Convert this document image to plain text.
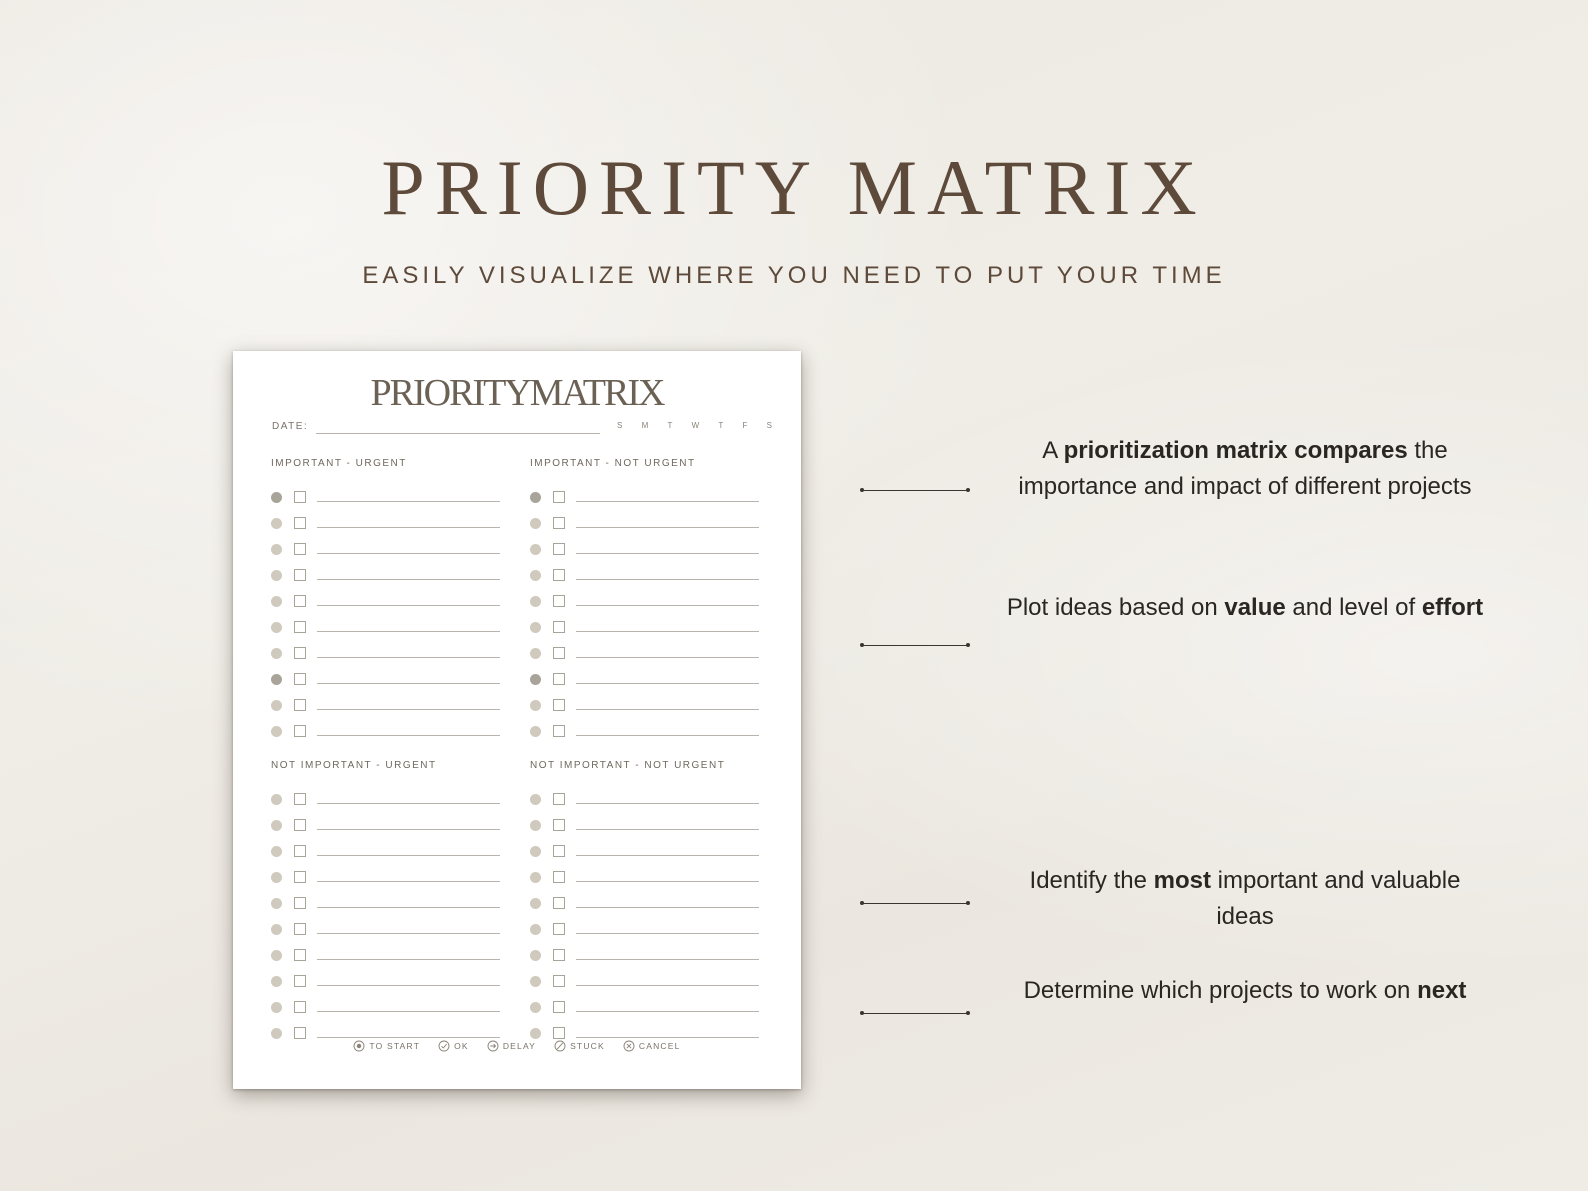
PRIORITY MATRIX

EASILY VISUALIZE WHERE YOU NEED TO PUT YOUR TIME

PRIORITYMATRIX
DATE:	S M T W T F S
IMPORTANT - URGENT	IMPORTANT - NOT URGENT
NOT IMPORTANT - URGENT	NOT IMPORTANT - NOT URGENT
TO START	OK	DELAY	STUCK	CANCEL
A prioritization matrix compares the importance and impact of different projects
Plot ideas based on value and level of effort
Identify the most important and valuable ideas
Determine which projects to work on next
